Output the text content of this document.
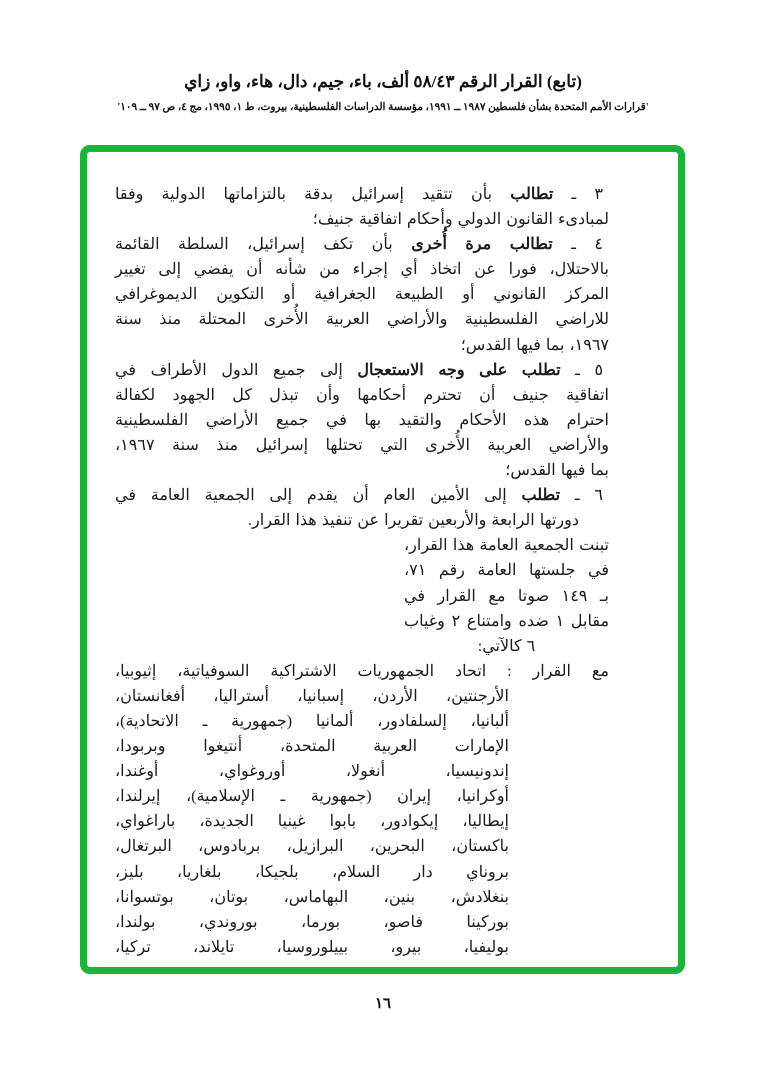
(تابع) القرار الرقم ٥٨/٤٣ ألف، باء، جيم، دال، هاء، واو، زاي
'قرارات الأمم المتحدة بشأن فلسطين ١٩٨٧ ــ ١٩٩١، مؤسسة الدراسات الفلسطينية، بيروت، ط ١، ١٩٩٥، مج ٤، ص ٩٧ ــ ١٠٩'
٣ ـ تطالب بأن تتقيد إسرائيل بدقة بالتزاماتها الدولية وفقا
لمبادىء القانون الدولي وأحكام اتفاقية جنيف؛
٤ ـ تطالب مرة أُخرى بأن تكف إسرائيل، السلطة القائمة
بالاحتلال، فورا عن اتخاذ أي إجراء من شأنه أن يفضي إلى تغيير
المركز القانوني أو الطبيعة الجغرافية أو التكوين الديموغرافي
للاراضي الفلسطينية والأراضي العربية الأُخرى المحتلة منذ سنة
١٩٦٧، بما فيها القدس؛
٥ ـ تطلب على وجه الاستعجال إلى جميع الدول الأطراف في
اتفاقية جنيف أن تحترم أحكامها وأن تبذل كل الجهود لكفالة
احترام هذه الأحكام والتقيد بها في جميع الأراضي الفلسطينية
والأراضي العربية الأُخرى التي تحتلها إسرائيل منذ سنة ١٩٦٧،
بما فيها القدس؛
٦ ـ تطلب إلى الأمين العام أن يقدم إلى الجمعية العامة في
دورتها الرابعة والأربعين تقريرا عن تنفيذ هذا القرار.
تبنت الجمعية العامة هذا القرار،
في جلستها العامة رقم ٧١،
بـ ١٤٩ صوتا مع القرار في
مقابل ١ ضده وامتناع ٢ وغياب
٦ كالآتي:
مع القرار : اتحاد الجمهوريات الاشتراكية السوفياتية، إثيوبيا،
الأرجنتين، الأردن، إسبانيا، أستراليا، أفغانستان،
ألبانيا، إلسلفادور، ألمانيا (جمهورية ـ الاتحادية)،
الإمارات العربية المتحدة، أنتيغوا وبربودا،
إندونيسيا، أنغولا، أوروغواي، أوغندا،
أوكرانيا، إيران (جمهورية ـ الإسلامية)، إيرلندا،
إيطاليا، إيكوادور، بابوا غينيا الجديدة، باراغواي،
باكستان، البحرين، البرازيل، بربادوس، البرتغال،
بروناي دار السلام، بلجيكا، بلغاريا، بليز،
بنغلادش، بنين، البهاماس، بوتان، بوتسوانا،
بوركينا فاصو، بورما، بوروندي، بولندا،
بوليفيا، بيرو، بييلوروسيا، تايلاند، تركيا،
١٦
